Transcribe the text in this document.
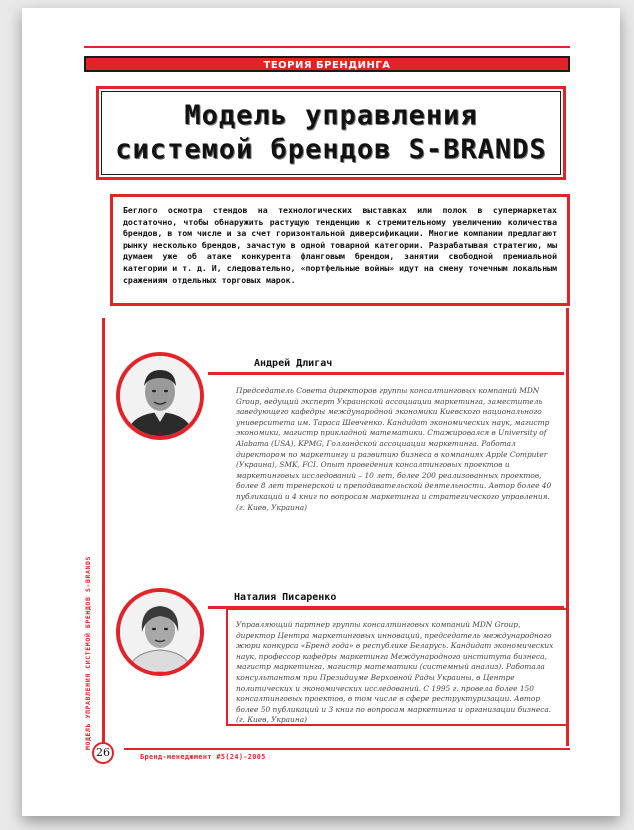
ТЕОРИЯ БРЕНДИНГА
Модель управления
системой брендов S-BRANDS
Беглого осмотра стендов на технологических выставках или полок в супермаркетах достаточно, чтобы обнаружить растущую тенденцию к стремительному увеличению количества брендов, в том числе и за счет горизонтальной диверсификации. Многие компании предлагают рынку несколько брендов, зачастую в одной товарной категории. Разрабатывая стратегию, мы думаем уже об атаке конкурента фланговым брендом, занятии свободной премиальной категории и т. д. И, следовательно, «портфельные войны» идут на смену точечным локальным сражениям отдельных торговых марок.
МОДЕЛЬ УПРАВЛЕНИЯ СИСТЕМОЙ БРЕНДОВ S-BRANDS
Андрей Длигач
Председатель Совета директоров группы консалтинговых компаний MDN Group, ведущий эксперт Украинской ассоциации маркетинга, заместитель заведующего кафедры международной экономики Киевского национального университета им. Тараса Шевченко. Кандидат экономических наук, магистр экономики, магистр прикладной математики. Стажировался в University of Alabama (USA), KPMG, Голландской ассоциации маркетинга. Работал директором по маркетингу и развитию бизнеса в компаниях Apple Computer (Украина), SMK, FCI. Опыт проведения консалтинговых проектов и маркетинговых исследований – 10 лет, более 200 реализованных проектов, более 8 лет тренерской и преподавательской деятельности. Автор более 40 публикаций и 4 книг по вопросам маркетинга и стратегического управления.
(г. Киев, Украина)
Наталия Писаренко
Управляющий партнер группы консалтинговых компаний MDN Group, директор Центра маркетинговых инноваций, председатель международного жюри конкурса «Бренд года» в республике Беларусь. Кандидат экономических наук, профессор кафедры маркетинга Международного института бизнеса, магистр маркетинга, магистр математики (системный анализ). Работала консультантом при Президиуме Верховной Рады Украины, в Центре политических и экономических исследований. С 1995 г. провела более 150 консалтинговых проектов, в том числе в сфере реструктуризации. Автор более 50 публикаций и 3 книг по вопросам маркетинга и организации бизнеса.
(г. Киев, Украина)
26	Бренд-менеджмент #5(24)-2005
